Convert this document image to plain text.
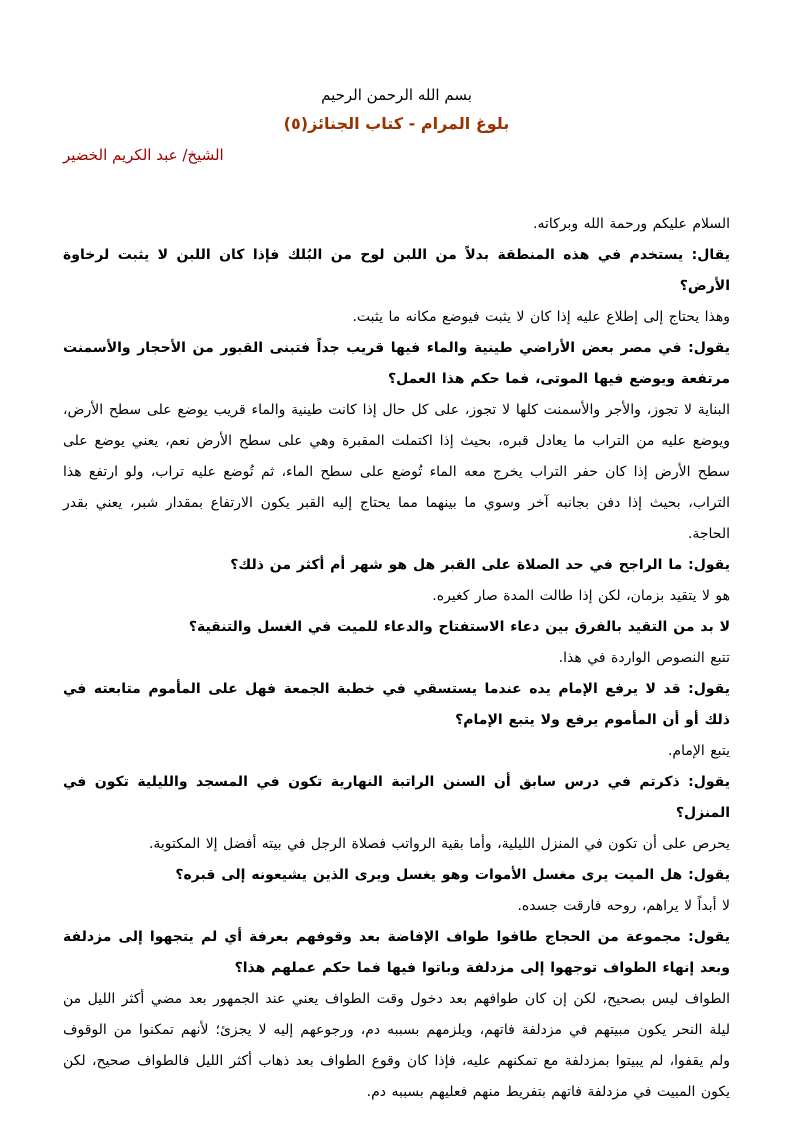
بسم الله الرحمن الرحيم

بلوغ المرام - كتاب الجنائز(٥)

الشيخ/ عبد الكريم الخضير

السلام عليكم ورحمة الله وبركاته.

يقال: يستخدم في هذه المنطقة بدلاً من اللبن لوح من البُلك فإذا كان اللبن لا يثبت لرخاوة الأرض؟

وهذا يحتاج إلى إطلاع عليه إذا كان لا يثبت فيوضع مكانه ما يثبت.

يقول: في مصر بعض الأراضي طينية والماء فيها قريب جداً فتبنى القبور من الأحجار والأسمنت مرتفعة ويوضع فيها الموتى، فما حكم هذا العمل؟

البناية لا تجوز، والأجر والأسمنت كلها لا تجوز، على كل حال إذا كانت طينية والماء قريب يوضع على سطح الأرض، ويوضع عليه من التراب ما يعادل قبره، بحيث إذا اكتملت المقبرة وهي على سطح الأرض نعم، يعني يوضع على سطح الأرض إذا كان حفر التراب يخرج معه الماء تُوضع على سطح الماء، ثم تُوضع عليه تراب، ولو ارتفع هذا التراب، بحيث إذا دفن بجانبه آخر وسوي ما بينهما مما يحتاج إليه القبر يكون الارتفاع بمقدار شبر، يعني بقدر الحاجة.

يقول: ما الراجح في حد الصلاة على القبر هل هو شهر أم أكثر من ذلك؟

هو لا يتقيد بزمان، لكن إذا طالت المدة صار كغيره.

لا بد من التقيد بالفرق بين دعاء الاستفتاح والدعاء للميت في الغسل والتنقية؟

تتبع النصوص الواردة في هذا.

يقول: قد لا يرفع الإمام يده عندما يستسقي في خطبة الجمعة فهل على المأموم متابعته في ذلك أو أن المأموم يرفع ولا يتبع الإمام؟

يتبع الإمام.

يقول: ذكرتم في درس سابق أن السنن الراتبة النهارية تكون في المسجد والليلية تكون في المنزل؟

يحرص على أن تكون في المنزل الليلية، وأما بقية الرواتب فصلاة الرجل في بيته أفضل إلا المكتوبة.

يقول: هل الميت يرى مغسل الأموات وهو يغسل ويرى الذين يشيعونه إلى قبره؟

لا أبداً لا يراهم، روحه فارقت جسده.

يقول: مجموعة من الحجاج طافوا طواف الإفاضة بعد وقوفهم بعرفة أي لم يتجهوا إلى مزدلفة وبعد إنهاء الطواف توجهوا إلى مزدلفة وباتوا فيها فما حكم عملهم هذا؟

الطواف ليس بصحيح، لكن إن كان طوافهم بعد دخول وقت الطواف يعني عند الجمهور بعد مضي أكثر الليل من ليلة النحر يكون مبيتهم في مزدلفة فاتهم، ويلزمهم بسببه دم، ورجوعهم إليه لا يجزئ؛ لأنهم تمكنوا من الوقوف ولم يقفوا، لم يبيتوا بمزدلفة مع تمكنهم عليه، فإذا كان وقوع الطواف بعد ذهاب أكثر الليل فالطواف صحيح، لكن يكون المبيت في مزدلفة فاتهم بتفريط منهم فعليهم بسببه دم.
